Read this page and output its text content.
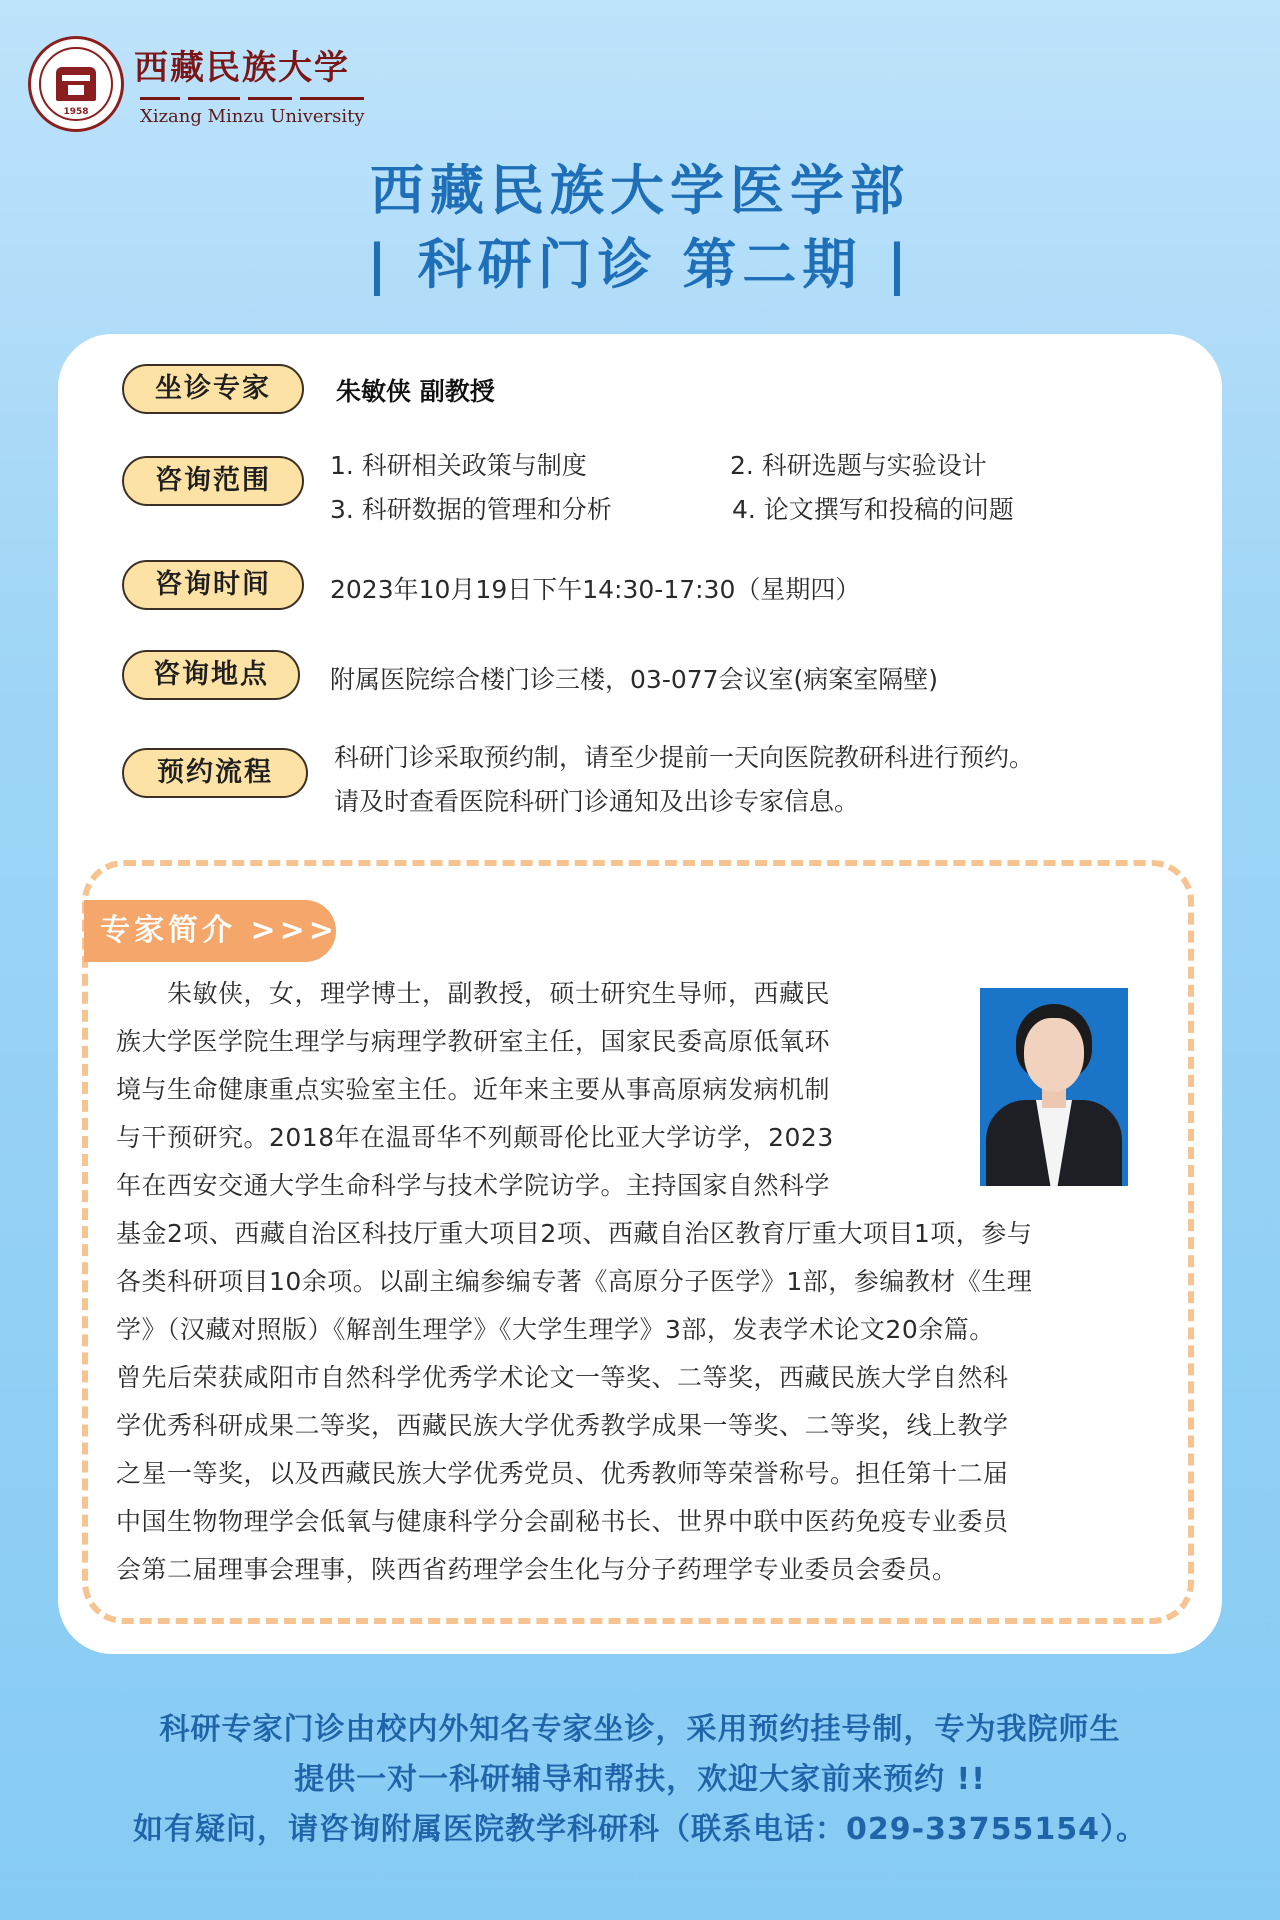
1958
西藏民族大学
Xizang Minzu University
西藏民族大学医学部
| 科研门诊 第二期 |
坐诊专家	朱敏侠 副教授
咨询范围	1. 科研相关政策与制度	2. 科研选题与实验设计
3. 科研数据的管理和分析	4. 论文撰写和投稿的问题
咨询时间	2023年10月19日下午14:30-17:30（星期四）
咨询地点	附属医院综合楼门诊三楼，03-077会议室(病案室隔壁)
预约流程	科研门诊采取预约制，请至少提前一天向医院教研科进行预约。
请及时查看医院科研门诊通知及出诊专家信息。
专家简介 >>>
　　朱敏侠，女，理学博士，副教授，硕士研究生导师，西藏民
族大学医学院生理学与病理学教研室主任，国家民委高原低氧环
境与生命健康重点实验室主任。近年来主要从事高原病发病机制
与干预研究。2018年在温哥华不列颠哥伦比亚大学访学，2023
年在西安交通大学生命科学与技术学院访学。主持国家自然科学
基金2项、西藏自治区科技厅重大项目2项、西藏自治区教育厅重大项目1项，参与
各类科研项目10余项。以副主编参编专著《高原分子医学》1部，参编教材《生理
学》（汉藏对照版）《解剖生理学》《大学生理学》3部，发表学术论文20余篇。
曾先后荣获咸阳市自然科学优秀学术论文一等奖、二等奖，西藏民族大学自然科
学优秀科研成果二等奖，西藏民族大学优秀教学成果一等奖、二等奖，线上教学
之星一等奖，以及西藏民族大学优秀党员、优秀教师等荣誉称号。担任第十二届
中国生物物理学会低氧与健康科学分会副秘书长、世界中联中医药免疫专业委员
会第二届理事会理事，陕西省药理学会生化与分子药理学专业委员会委员。
科研专家门诊由校内外知名专家坐诊，采用预约挂号制，专为我院师生
提供一对一科研辅导和帮扶，欢迎大家前来预约 !!
如有疑问，请咨询附属医院教学科研科（联系电话：029-33755154）。
